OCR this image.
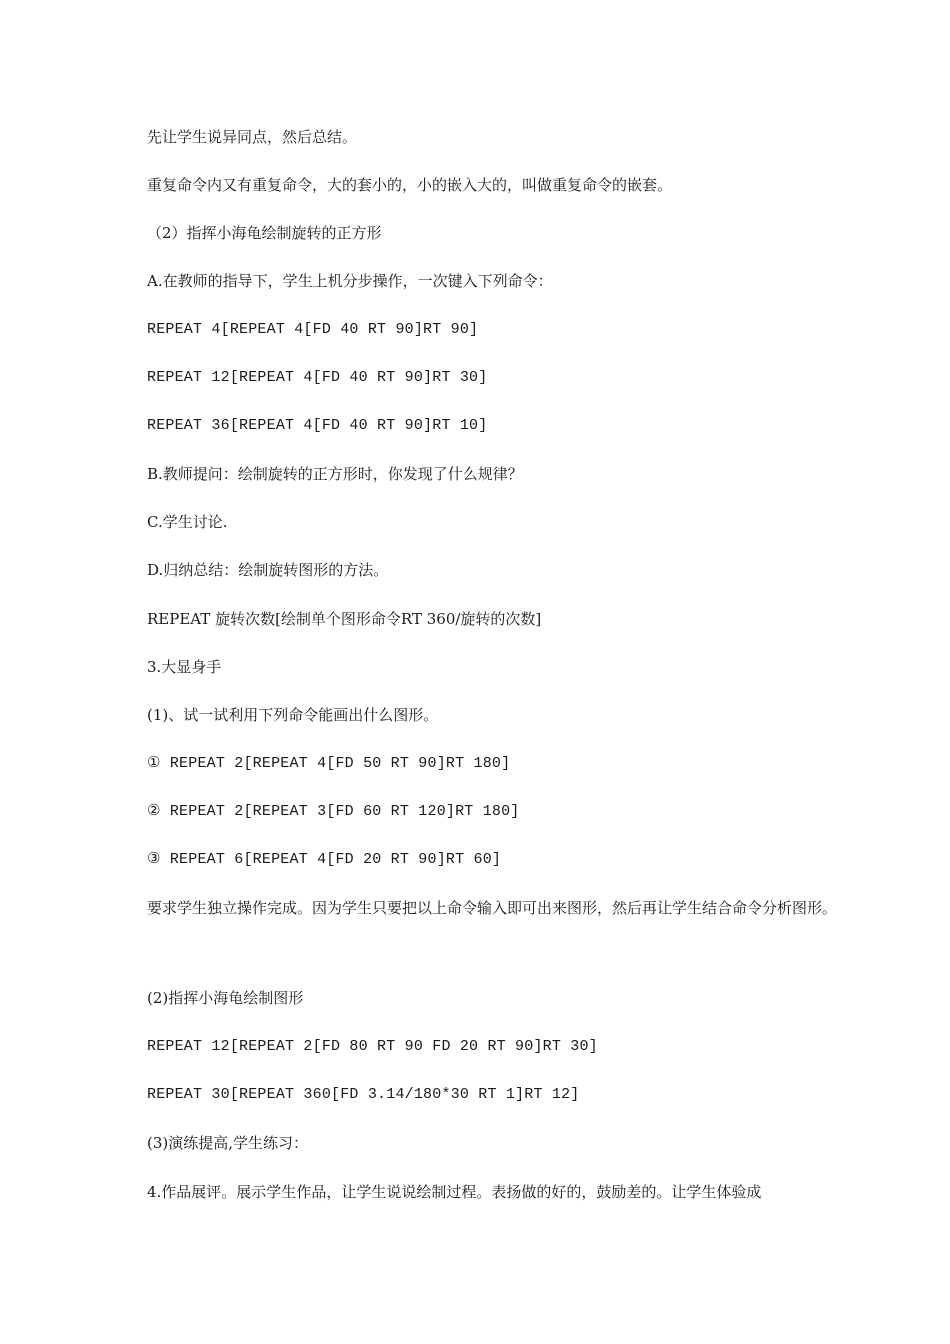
先让学生说异同点，然后总结。
重复命令内又有重复命令，大的套小的，小的嵌入大的，叫做重复命令的嵌套。
（2）指挥小海龟绘制旋转的正方形
A.在教师的指导下，学生上机分步操作，一次键入下列命令：
REPEAT 4[REPEAT 4[FD 40 RT 90]RT 90]
REPEAT 12[REPEAT 4[FD 40 RT 90]RT 30]
REPEAT 36[REPEAT 4[FD 40 RT 90]RT 10]
B.教师提问：绘制旋转的正方形时，你发现了什么规律？
C.学生讨论.
D.归纳总结：绘制旋转图形的方法。
REPEAT 旋转次数[绘制单个图形命令RT 360/旋转的次数]
3.大显身手
(1)、试一试利用下列命令能画出什么图形。
① REPEAT 2[REPEAT 4[FD 50 RT 90]RT 180]
② REPEAT 2[REPEAT 3[FD 60 RT 120]RT 180]
③ REPEAT 6[REPEAT 4[FD 20 RT 90]RT 60]
要求学生独立操作完成。因为学生只要把以上命令输入即可出来图形，然后再让学生结合命令分析图形。
(2)指挥小海龟绘制图形
REPEAT 12[REPEAT 2[FD 80 RT 90 FD 20 RT 90]RT 30]
REPEAT 30[REPEAT 360[FD 3.14/180*30 RT 1]RT 12]
(3)演练提高,学生练习：
4.作品展评。展示学生作品，让学生说说绘制过程。表扬做的好的，鼓励差的。让学生体验成
